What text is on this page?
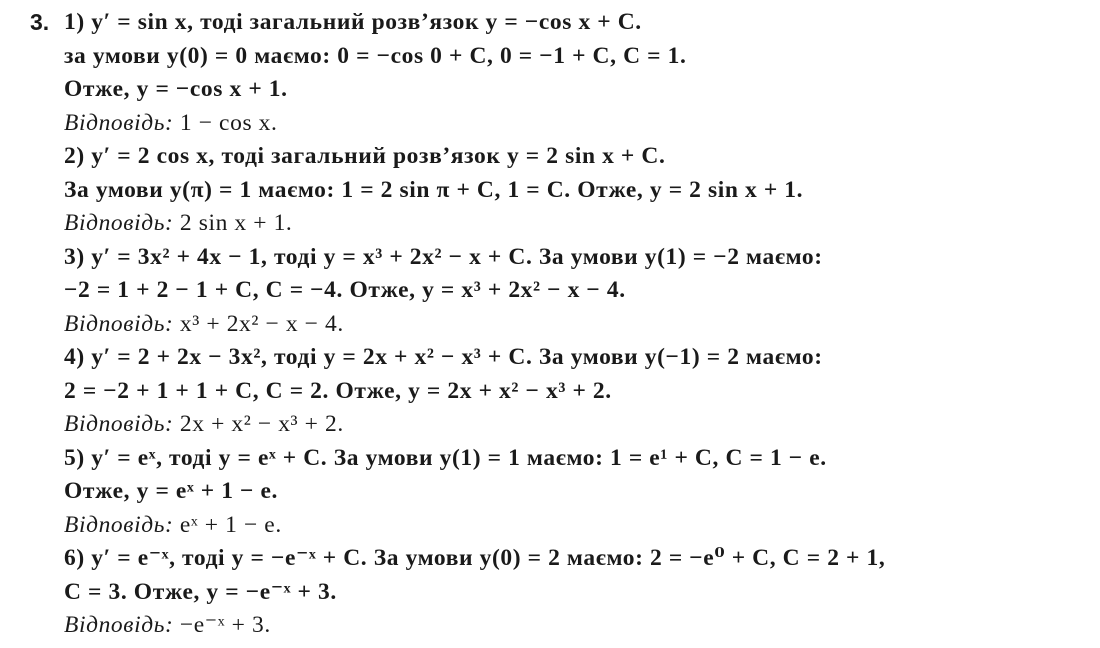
3. 1) y′ = sin x, тоді загальний розв’язок y = −cos x + C.
за умови y(0) = 0 маємо: 0 = −cos 0 + C, 0 = −1 + C, C = 1.
Отже, y = −cos x + 1.
Відповідь: 1 − cos x.
2) y′ = 2 cos x, тоді загальний розв’язок y = 2 sin x + C.
За умови y(π) = 1 маємо: 1 = 2 sin π + C, 1 = C. Отже, y = 2 sin x + 1.
Відповідь: 2 sin x + 1.
3) y′ = 3x² + 4x − 1, тоді y = x³ + 2x² − x + C. За умови y(1) = −2 маємо:
−2 = 1 + 2 − 1 + C, C = −4. Отже, y = x³ + 2x² − x − 4.
Відповідь: x³ + 2x² − x − 4.
4) y′ = 2 + 2x − 3x², тоді y = 2x + x² − x³ + C. За умови y(−1) = 2 маємо:
2 = −2 + 1 + 1 + C, C = 2. Отже, y = 2x + x² − x³ + 2.
Відповідь: 2x + x² − x³ + 2.
5) y′ = eˣ, тоді y = eˣ + C. За умови y(1) = 1 маємо: 1 = e¹ + C, C = 1 − e.
Отже, y = eˣ + 1 − e.
Відповідь: eˣ + 1 − e.
6) y′ = e⁻ˣ, тоді y = −e⁻ˣ + C. За умови y(0) = 2 маємо: 2 = −e⁰ + C, C = 2 + 1,
C = 3. Отже, y = −e⁻ˣ + 3.
Відповідь: −e⁻ˣ + 3.
